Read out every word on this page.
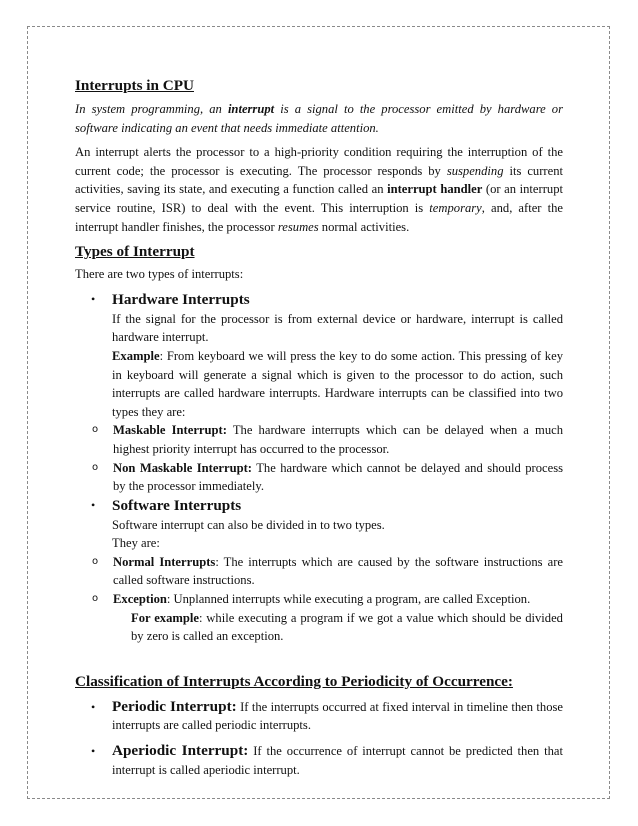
Interrupts in CPU

In system programming, an interrupt is a signal to the processor emitted by hardware or software indicating an event that needs immediate attention.

An interrupt alerts the processor to a high-priority condition requiring the interruption of the current code; the processor is executing. The processor responds by suspending its current activities, saving its state, and executing a function called an interrupt handler (or an interrupt service routine, ISR) to deal with the event. This interruption is temporary, and, after the interrupt handler finishes, the processor resumes normal activities.

Types of Interrupt

There are two types of interrupts:

• Hardware Interrupts

If the signal for the processor is from external device or hardware, interrupt is called hardware interrupt.

Example: From keyboard we will press the key to do some action. This pressing of key in keyboard will generate a signal which is given to the processor to do action, such interrupts are called hardware interrupts. Hardware interrupts can be classified into two types they are:

o Maskable Interrupt: The hardware interrupts which can be delayed when a much highest priority interrupt has occurred to the processor.
o Non Maskable Interrupt: The hardware which cannot be delayed and should process by the processor immediately.
• Software Interrupts

Software interrupt can also be divided in to two types.

They are:

o Normal Interrupts: The interrupts which are caused by the software instructions are called software instructions.
o Exception: Unplanned interrupts while executing a program, are called Exception.

For example: while executing a program if we got a value which should be divided by zero is called an exception.

Classification of Interrupts According to Periodicity of Occurrence:
• Periodic Interrupt: If the interrupts occurred at fixed interval in timeline then those interrupts are called periodic interrupts.
• Aperiodic Interrupt: If the occurrence of interrupt cannot be predicted then that interrupt is called aperiodic interrupt.
